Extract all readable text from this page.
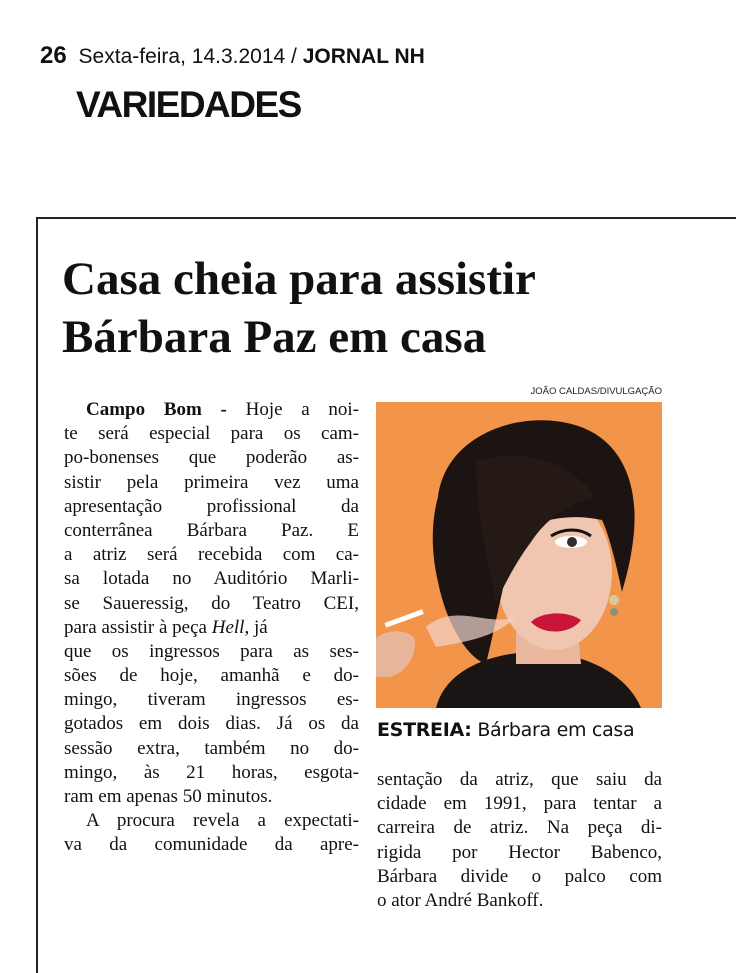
26 Sexta-feira, 14.3.2014 / JORNAL NH
VARIEDADES
Casa cheia para assistir
Bárbara Paz em casa
JOÃO CALDAS/DIVULGAÇÃO
ESTREIA: Bárbara em casa
Campo Bom - Hoje a noi-
te será especial para os cam-
po-bonenses que poderão as-
sistir pela primeira vez uma
apresentação profissional da
conterrânea Bárbara Paz. E
a atriz será recebida com ca-
sa lotada no Auditório Marli-
se Saueressig, do Teatro CEI,
para assistir à peça Hell, já
que os ingressos para as ses-
sões de hoje, amanhã e do-
mingo, tiveram ingressos es-
gotados em dois dias. Já os da
sessão extra, também no do-
mingo, às 21 horas, esgota-
ram em apenas 50 minutos.
A procura revela a expectati-
va da comunidade da apre-
sentação da atriz, que saiu da
cidade em 1991, para tentar a
carreira de atriz. Na peça di-
rigida por Hector Babenco,
Bárbara divide o palco com
o ator André Bankoff.
